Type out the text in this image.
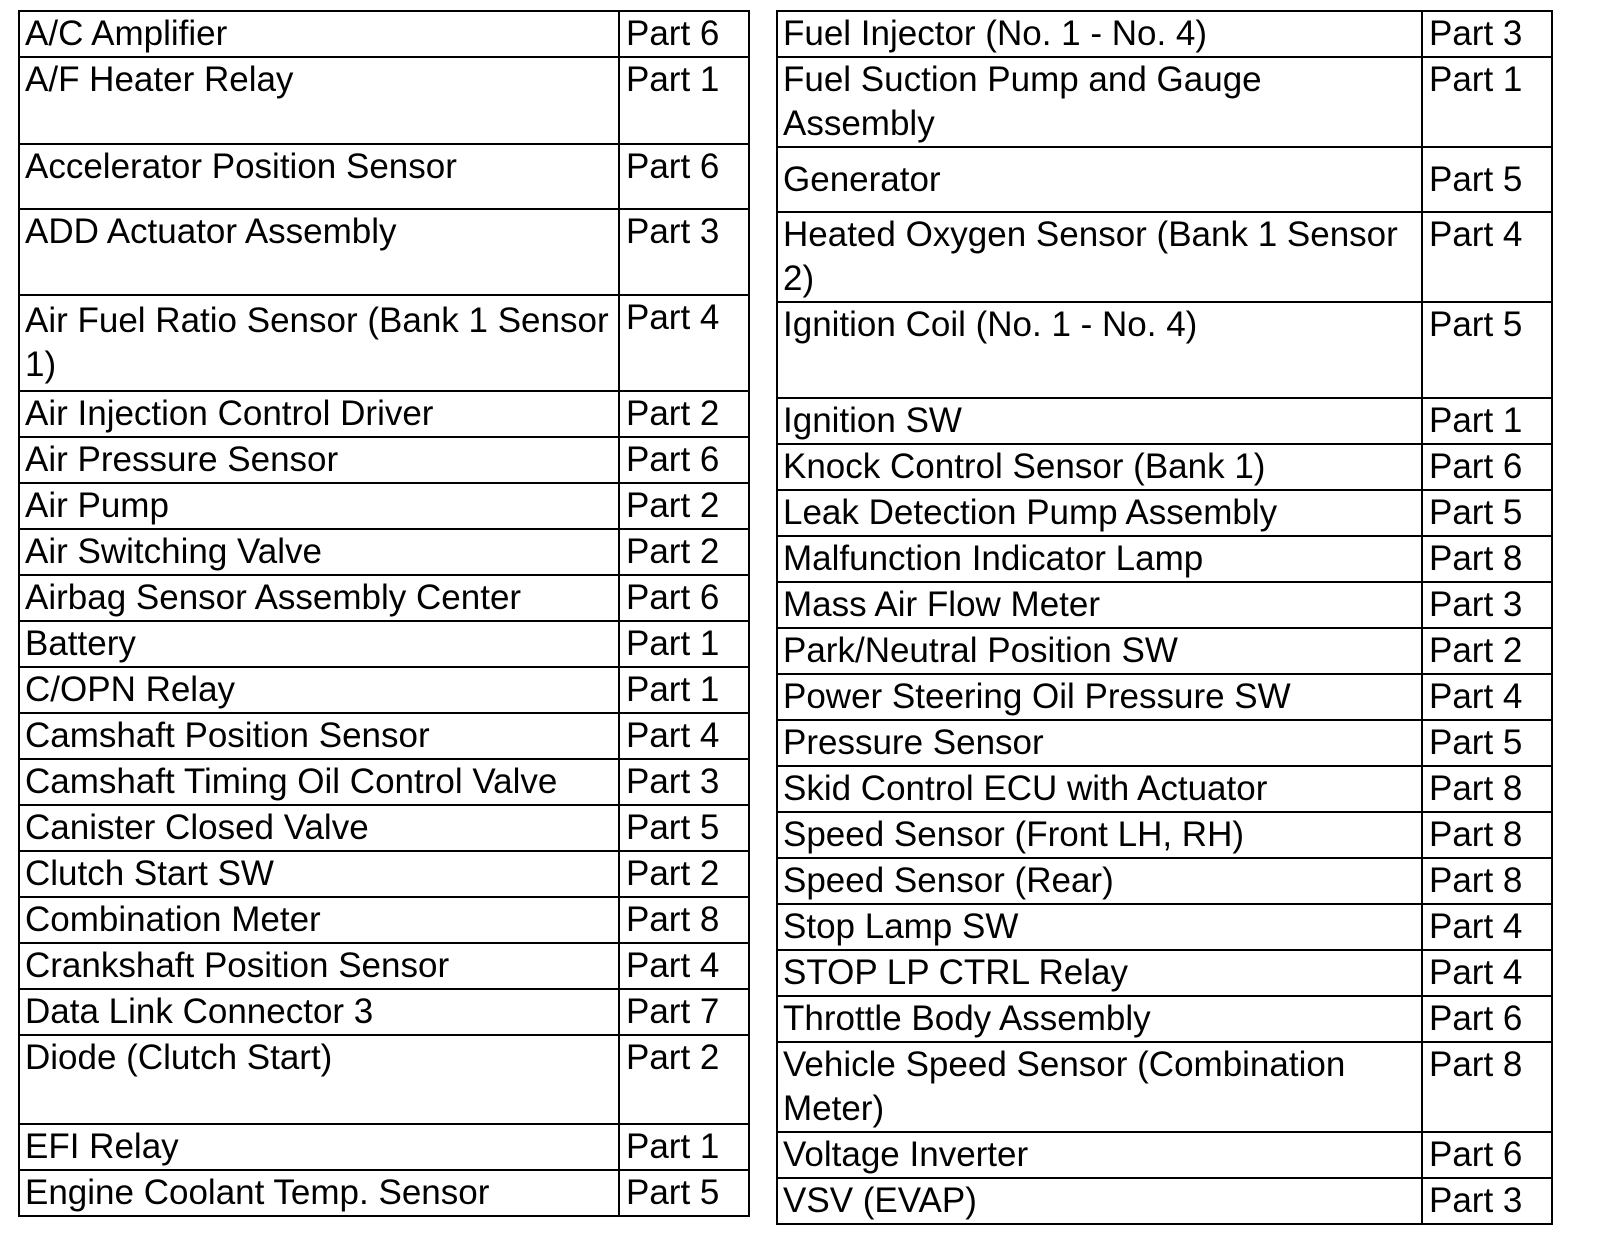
A/C Amplifier	Part 6
A/F Heater Relay	Part 1
Accelerator Position Sensor	Part 6
ADD Actuator Assembly	Part 3
Air Fuel Ratio Sensor (Bank 1 Sensor 1)	Part 4
Air Injection Control Driver	Part 2
Air Pressure Sensor	Part 6
Air Pump	Part 2
Air Switching Valve	Part 2
Airbag Sensor Assembly Center	Part 6
Battery	Part 1
C/OPN Relay	Part 1
Camshaft Position Sensor	Part 4
Camshaft Timing Oil Control Valve	Part 3
Canister Closed Valve	Part 5
Clutch Start SW	Part 2
Combination Meter	Part 8
Crankshaft Position Sensor	Part 4
Data Link Connector 3	Part 7
Diode (Clutch Start)	Part 2
EFI Relay	Part 1
Engine Coolant Temp. Sensor	Part 5
Fuel Injector (No. 1 - No. 4)	Part 3
Fuel Suction Pump and Gauge Assembly	Part 1
Generator	Part 5
Heated Oxygen Sensor (Bank 1 Sensor 2)	Part 4
Ignition Coil (No. 1 - No. 4)	Part 5
Ignition SW	Part 1
Knock Control Sensor (Bank 1)	Part 6
Leak Detection Pump Assembly	Part 5
Malfunction Indicator Lamp	Part 8
Mass Air Flow Meter	Part 3
Park/Neutral Position SW	Part 2
Power Steering Oil Pressure SW	Part 4
Pressure Sensor	Part 5
Skid Control ECU with Actuator	Part 8
Speed Sensor (Front LH, RH)	Part 8
Speed Sensor (Rear)	Part 8
Stop Lamp SW	Part 4
STOP LP CTRL Relay	Part 4
Throttle Body Assembly	Part 6
Vehicle Speed Sensor (Combination Meter)	Part 8
Voltage Inverter	Part 6
VSV (EVAP)	Part 3
